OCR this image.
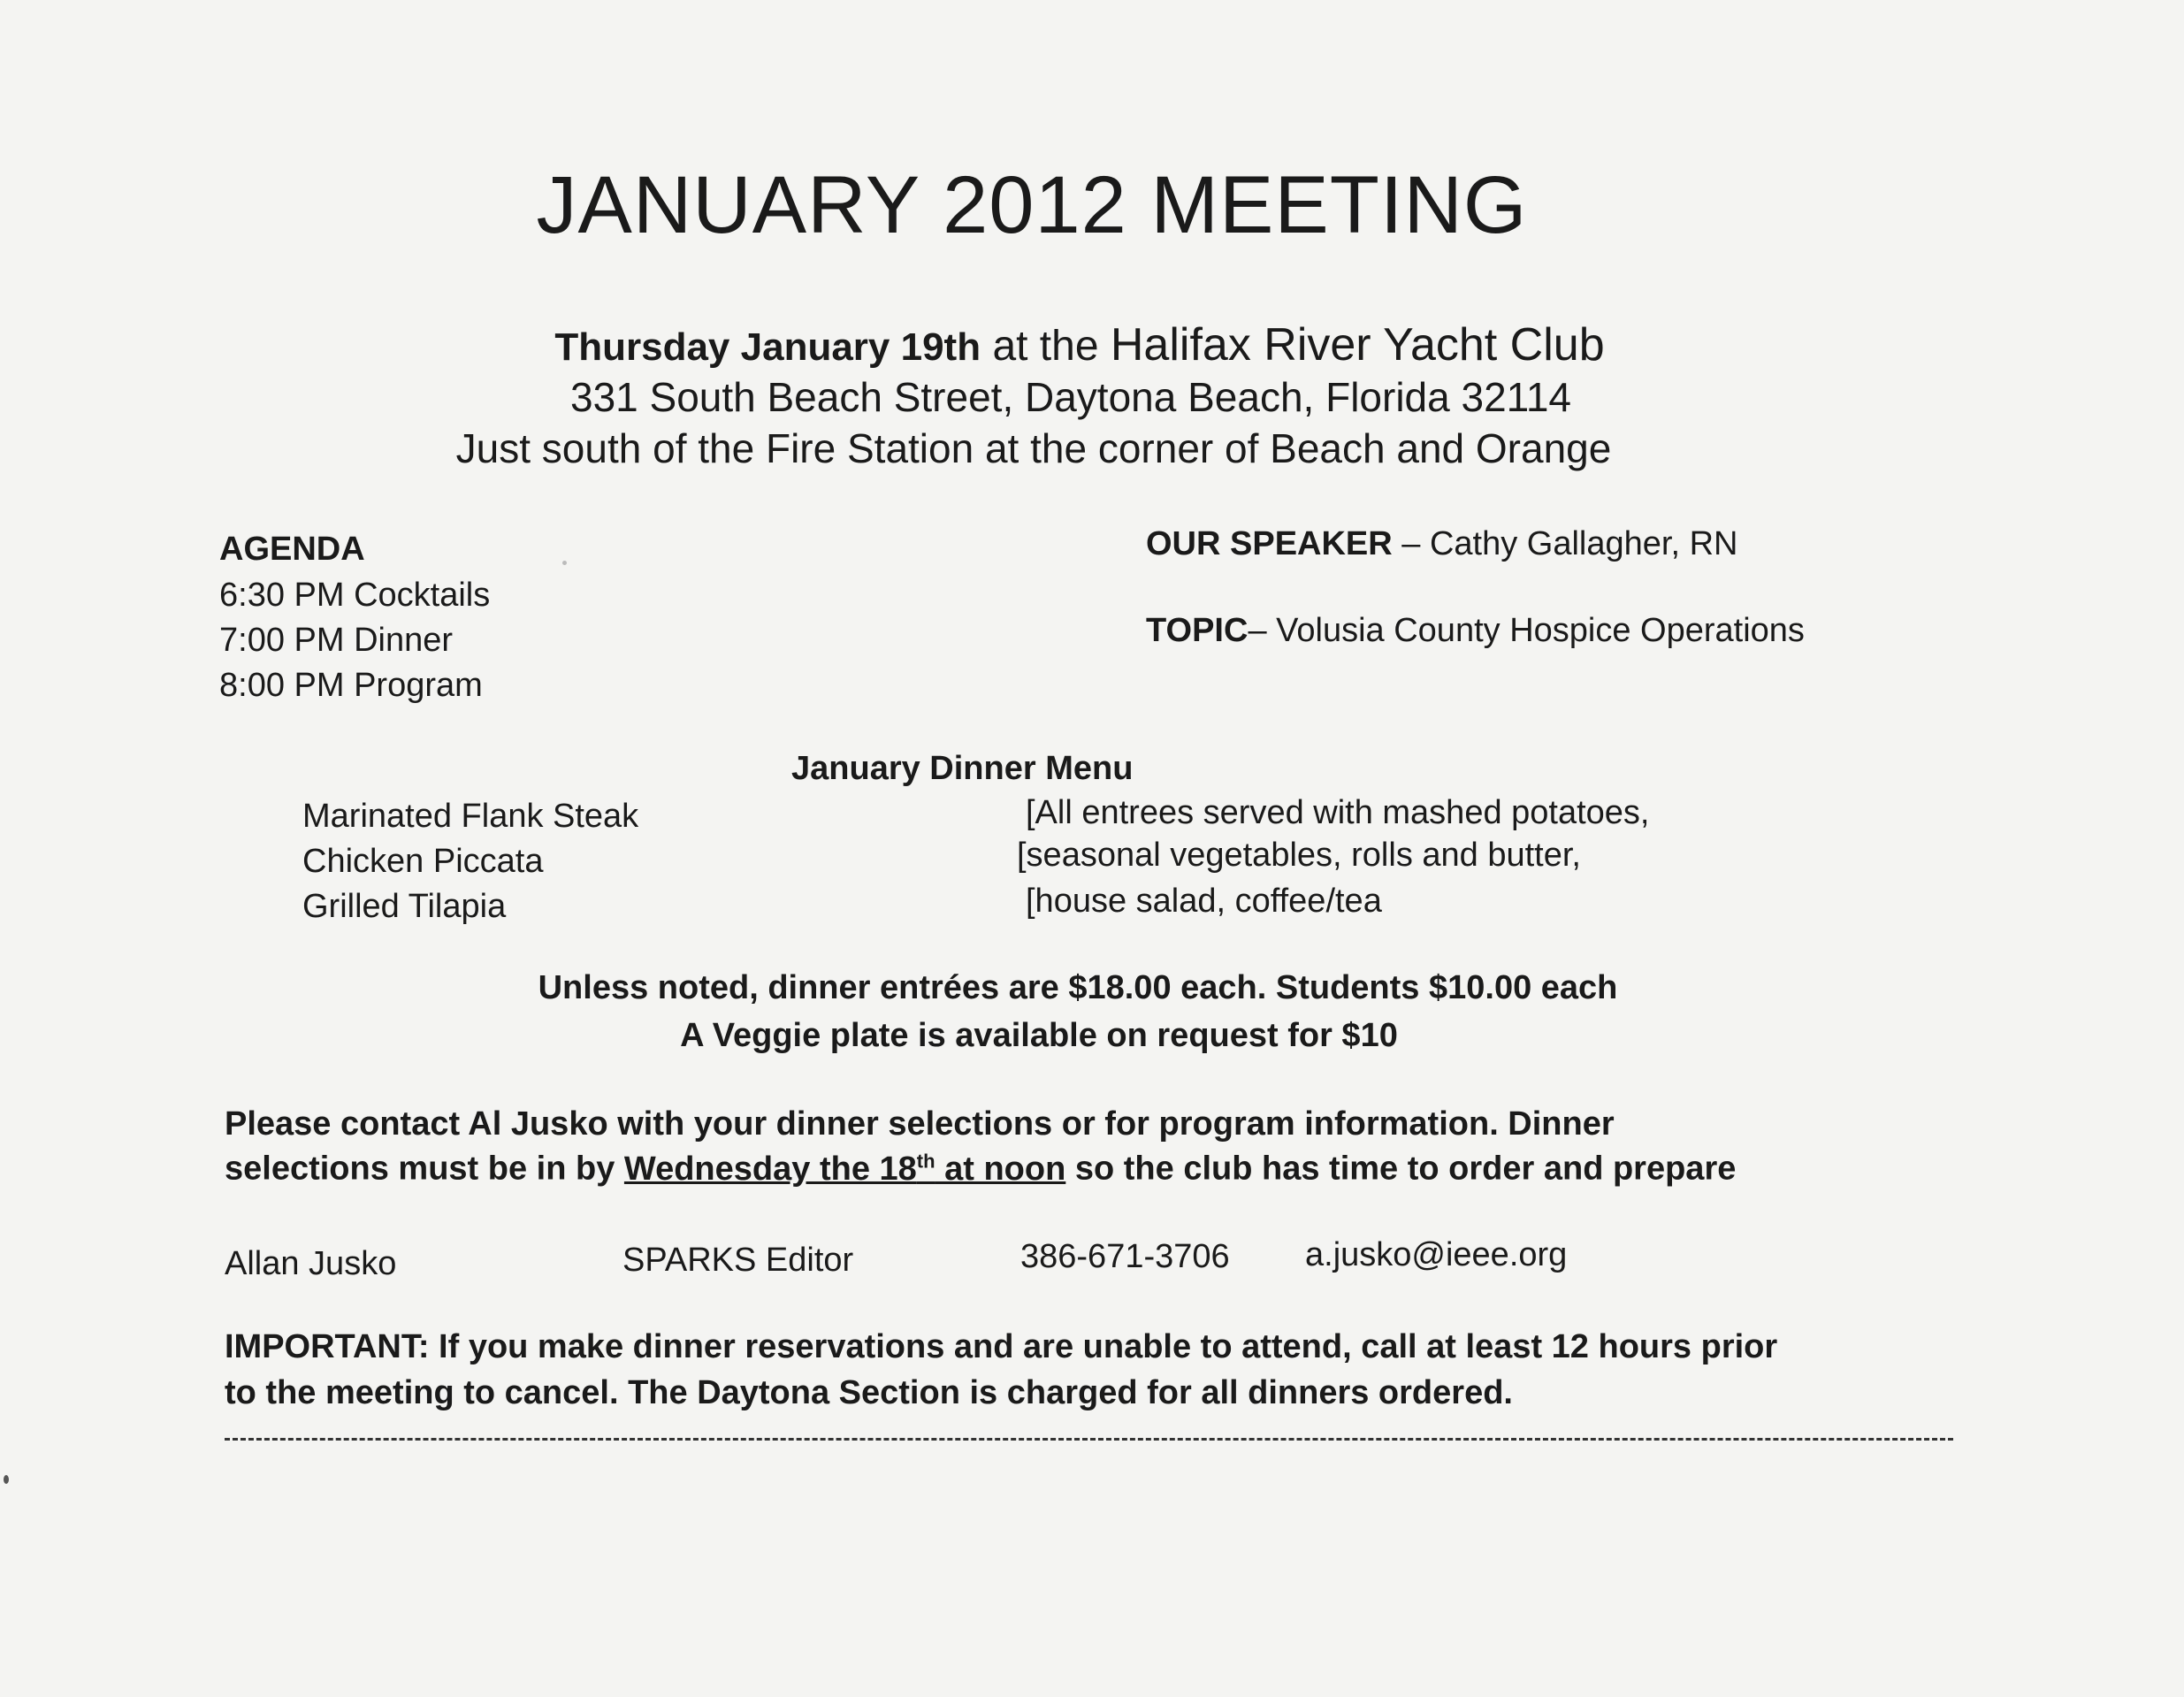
JANUARY 2012 MEETING
Thursday January 19th at the Halifax River Yacht Club
331 South Beach Street, Daytona Beach, Florida 32114
Just south of the Fire Station at the corner of Beach and Orange
AGENDA
6:30 PM Cocktails
7:00 PM Dinner
8:00 PM Program
OUR SPEAKER – Cathy Gallagher, RN
TOPIC– Volusia County Hospice Operations
January Dinner Menu
Marinated Flank Steak
Chicken Piccata
Grilled Tilapia
[All entrees served with mashed potatoes,
[seasonal vegetables, rolls and butter,
[house salad, coffee/tea
Unless noted, dinner entrées are $18.00 each. Students $10.00 each
A Veggie plate is available on request for $10
Please contact Al Jusko with your dinner selections or for program information. Dinner
selections must be in by Wednesday the 18th at noon so the club has time to order and prepare
Allan Jusko	SPARKS Editor	386-671-3706 a.jusko@ieee.org
IMPORTANT: If you make dinner reservations and are unable to attend, call at least 12 hours prior
to the meeting to cancel. The Daytona Section is charged for all dinners ordered.
